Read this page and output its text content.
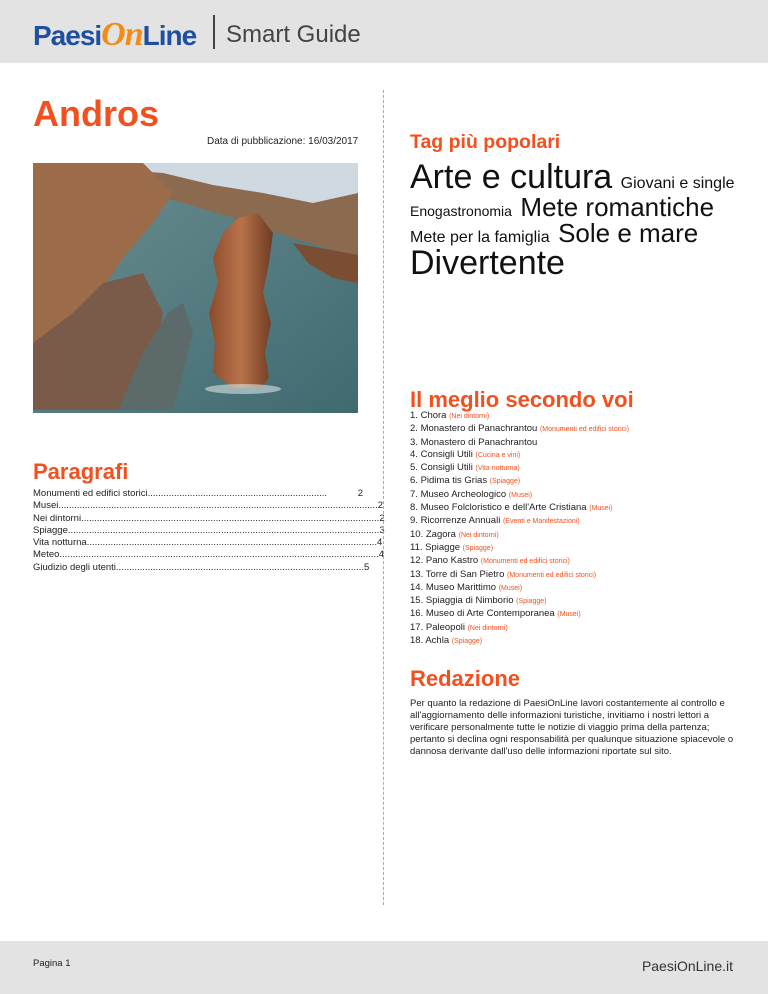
PaesiOnLine Smart Guide
Andros
Data di pubblicazione: 16/03/2017
Paragrafi
Monumenti ed edifici storici....................................................................	2
Musei......................................................................................................................... 2
Nei dintorni................................................................................................................. 2
Spiagge...................................................................................................................... 3
Vita notturna.............................................................................................................. 4
Meteo......................................................................................................................... 4
Giudizio degli utenti.............................................................................................. 5
Tag più popolari
Arte e cultura Giovani e single Enogastronomia Mete romantiche Mete per la famiglia Sole e mare Divertente
Il meglio secondo voi
1. Chora (Nei dintorni)
2. Monastero di Panachrantou (Monumenti ed edifici storici)
3. Monastero di Panachrantou
4. Consigli Utili (Cucina e vini)
5. Consigli Utili (Vita notturna)
6. Pidima tis Grias (Spiagge)
7. Museo Archeologico (Musei)
8. Museo Folcloristico e dell'Arte Cristiana (Musei)
9. Ricorrenze Annuali (Eventi e Manifestazioni)
10. Zagora (Nei dintorni)
11. Spiagge (Spiagge)
12. Pano Kastro (Monumenti ed edifici storici)
13. Torre di San Pietro (Monumenti ed edifici storici)
14. Museo Marittimo (Musei)
15. Spiaggia di Nimborio (Spiagge)
16. Museo di Arte Contemporanea (Musei)
17. Paleopoli (Nei dintorni)
18. Achla (Spiagge)
Redazione

Per quanto la redazione di PaesiOnLine lavori costantemente al controllo e all'aggiornamento delle informazioni turistiche, invitiamo i nostri lettori a verificare personalmente tutte le notizie di viaggio prima della partenza; pertanto si declina ogni responsabilità per qualunque situazione spiacevole o dannosa derivante dall'uso delle informazioni riportate sul sito.

Pagina 1	PaesiOnLine.it
